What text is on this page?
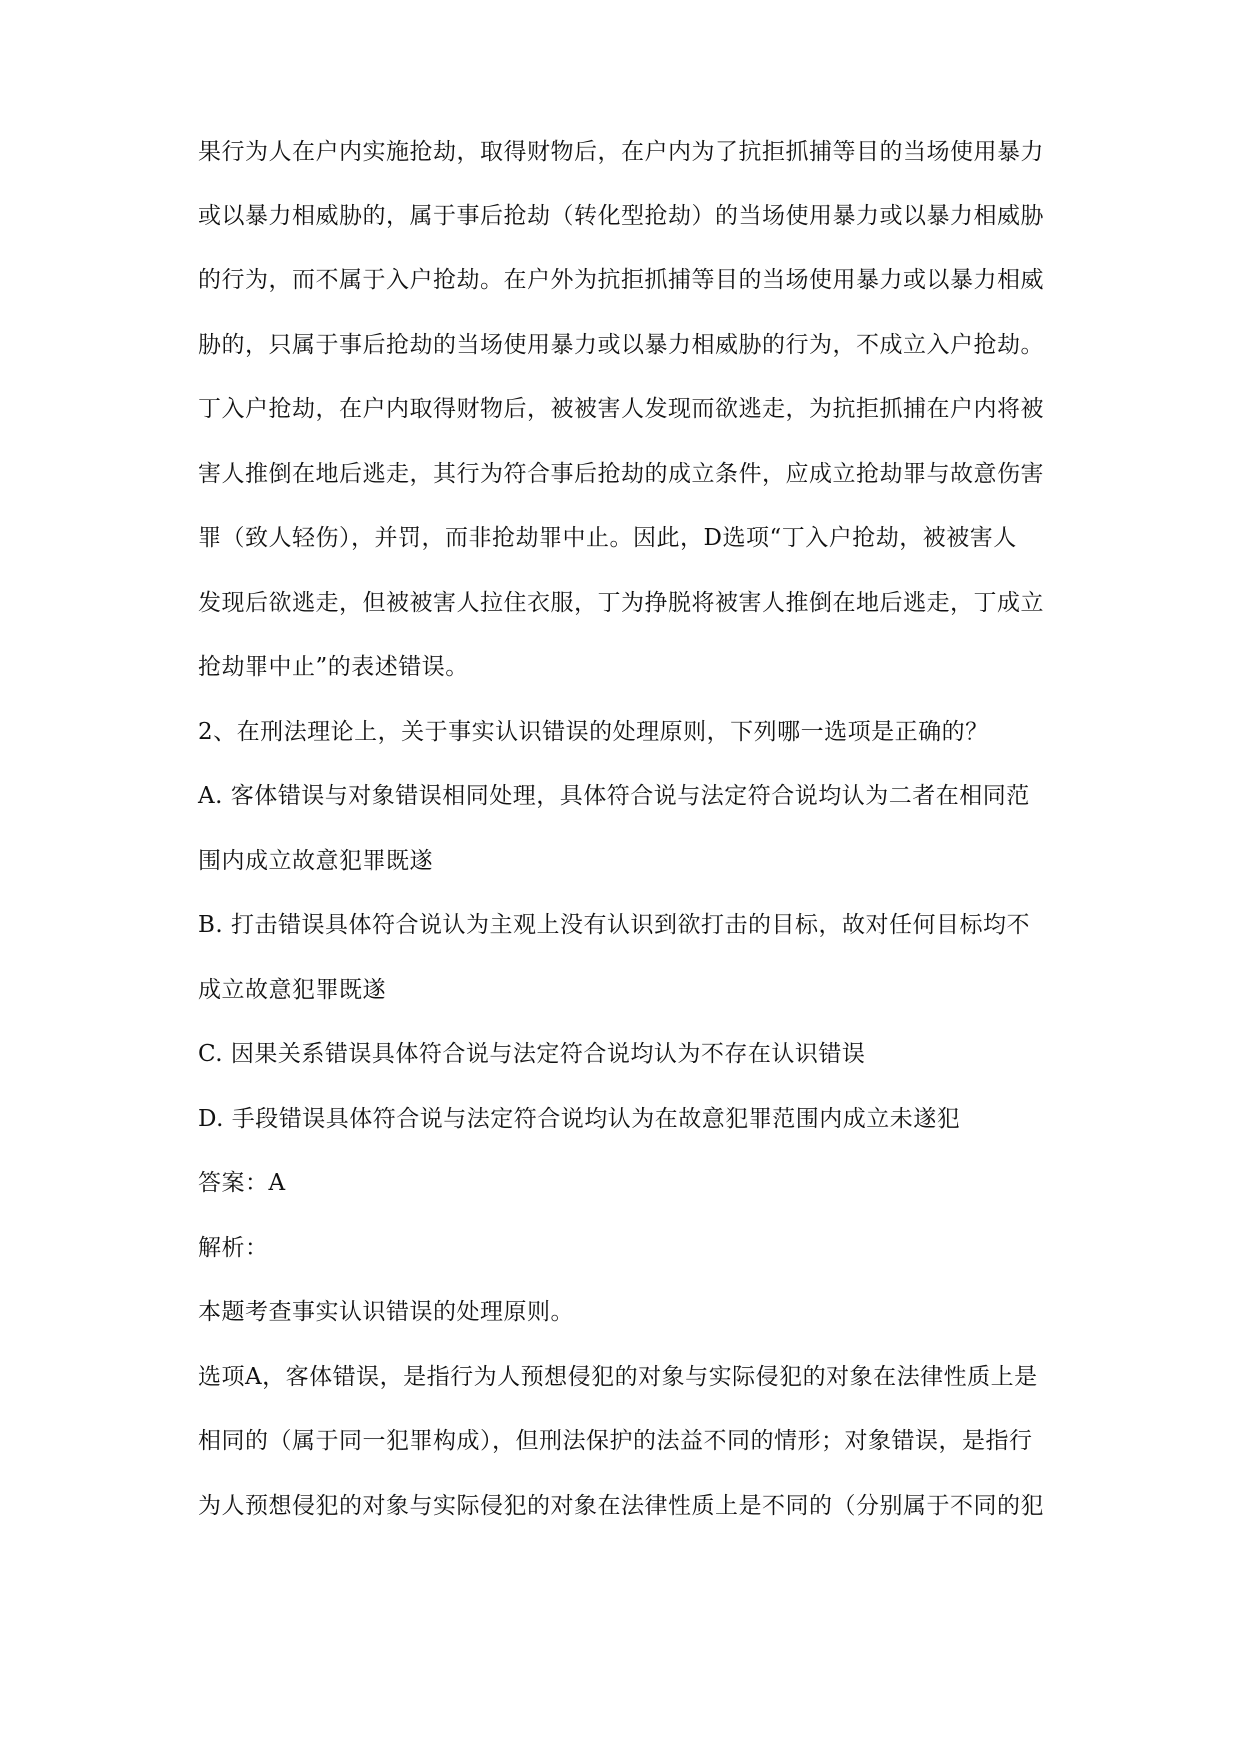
果行为人在户内实施抢劫，取得财物后，在户内为了抗拒抓捕等目的当场使用暴力
或以暴力相威胁的，属于事后抢劫（转化型抢劫）的当场使用暴力或以暴力相威胁
的行为，而不属于入户抢劫。在户外为抗拒抓捕等目的当场使用暴力或以暴力相威
胁的，只属于事后抢劫的当场使用暴力或以暴力相威胁的行为，不成立入户抢劫。
丁入户抢劫，在户内取得财物后，被被害人发现而欲逃走，为抗拒抓捕在户内将被
害人推倒在地后逃走，其行为符合事后抢劫的成立条件，应成立抢劫罪与故意伤害
罪（致人轻伤），并罚，而非抢劫罪中止。因此，D选项“丁入户抢劫，被被害人
发现后欲逃走，但被被害人拉住衣服，丁为挣脱将被害人推倒在地后逃走，丁成立
抢劫罪中止”的表述错误。
2、在刑法理论上，关于事实认识错误的处理原则，下列哪一选项是正确的？
A. 客体错误与对象错误相同处理，具体符合说与法定符合说均认为二者在相同范
围内成立故意犯罪既遂
B. 打击错误具体符合说认为主观上没有认识到欲打击的目标，故对任何目标均不
成立故意犯罪既遂
C. 因果关系错误具体符合说与法定符合说均认为不存在认识错误
D. 手段错误具体符合说与法定符合说均认为在故意犯罪范围内成立未遂犯
答案：A
解析：
本题考查事实认识错误的处理原则。
选项A，客体错误，是指行为人预想侵犯的对象与实际侵犯的对象在法律性质上是
相同的（属于同一犯罪构成），但刑法保护的法益不同的情形；对象错误，是指行
为人预想侵犯的对象与实际侵犯的对象在法律性质上是不同的（分别属于不同的犯
